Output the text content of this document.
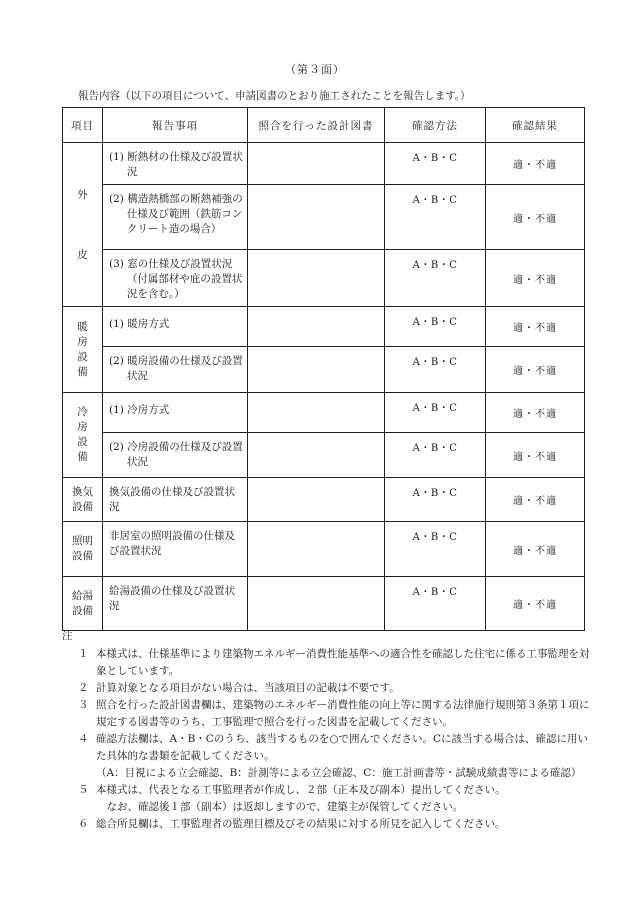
（第３面）
報告内容（以下の項目について、申請図書のとおり施工されたことを報告します。）
項目	報告事項	照合を行った設計図書	確認方法	確認結果
外皮	(1) 断熱材の仕様及び設置状況		A・B・C	適・不適

	(2) 構造熱橋部の断熱補強の仕様及び範囲（鉄筋コンクリート造の場合）		A・B・C	適・不適

	(3) 窓の仕様及び設置状況（付属部材や庇の設置状況を含む。）		A・B・C	適・不適
暖房設備	(1) 暖房方式		A・B・C	適・不適

	(2) 暖房設備の仕様及び設置状況		A・B・C	適・不適
冷房設備	(1) 冷房方式		A・B・C	適・不適

	(2) 冷房設備の仕様及び設置状況		A・B・C	適・不適
換気設備	換気設備の仕様及び設置状況		A・B・C	適・不適
照明設備	非居室の照明設備の仕様及び設置状況		A・B・C	適・不適
給湯設備	給湯設備の仕様及び設置状況		A・B・C	適・不適
注
１ 本様式は、仕様基準により建築物エネルギー消費性能基準への適合性を確認した住宅に係る工事監理を対象としています。
２ 計算対象となる項目がない場合は、当該項目の記載は不要です。
３ 照合を行った設計図書欄は、建築物のエネルギー消費性能の向上等に関する法律施行規則第３条第１項に規定する図書等のうち、工事監理で照合を行った図書を記載してください。
４ 確認方法欄は、A・B・Cのうち、該当するものを○で囲んでください。Cに該当する場合は、確認に用いた具体的な書類を記載してください。
（A：目視による立会確認、B：計測等による立会確認、C：施工計画書等・試験成績書等による確認）
５ 本様式は、代表となる工事監理者が作成し、２部（正本及び副本）提出してください。
　なお、確認後１部（副本）は返却しますので、建築主が保管してください。
６ 総合所見欄は、工事監理者の監理目標及びその結果に対する所見を記入してください。
